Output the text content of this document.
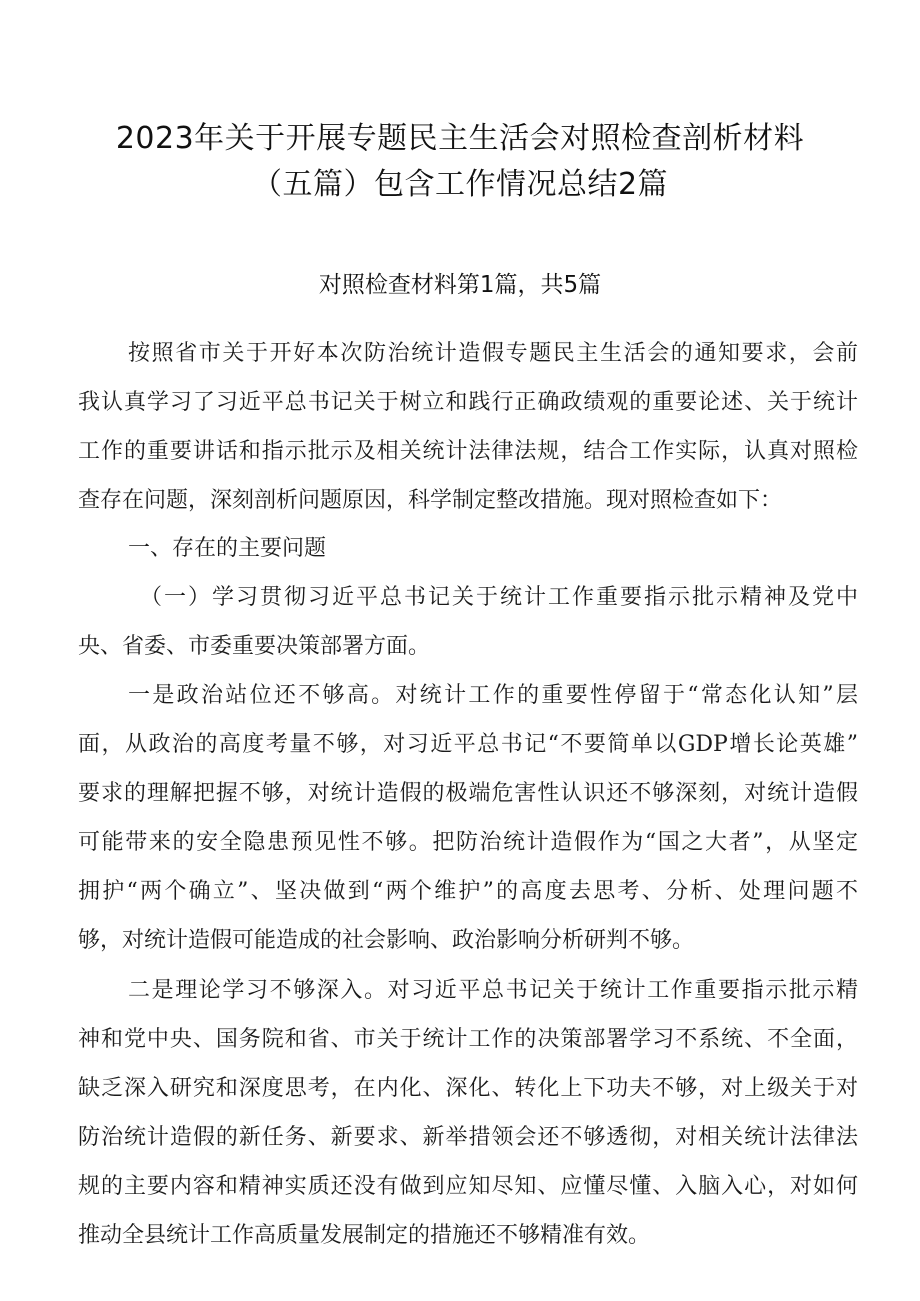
2023年关于开展专题民主生活会对照检查剖析材料
（五篇）包含工作情况总结2篇
对照检查材料第1篇，共5篇
按照省市关于开好本次防治统计造假专题民主生活会的通知要求，会前
我认真学习了习近平总书记关于树立和践行正确政绩观的重要论述、关于统计
工作的重要讲话和指示批示及相关统计法律法规，结合工作实际，认真对照检
查存在问题，深刻剖析问题原因，科学制定整改措施。现对照检查如下：
一、存在的主要问题
（一）学习贯彻习近平总书记关于统计工作重要指示批示精神及党中
央、省委、市委重要决策部署方面。
一是政治站位还不够高。对统计工作的重要性停留于“常态化认知”层
面，从政治的高度考量不够，对习近平总书记“不要简单以GDP增长论英雄”
要求的理解把握不够，对统计造假的极端危害性认识还不够深刻，对统计造假
可能带来的安全隐患预见性不够。把防治统计造假作为“国之大者”，从坚定
拥护“两个确立”、坚决做到“两个维护”的高度去思考、分析、处理问题不
够，对统计造假可能造成的社会影响、政治影响分析研判不够。
二是理论学习不够深入。对习近平总书记关于统计工作重要指示批示精
神和党中央、国务院和省、市关于统计工作的决策部署学习不系统、不全面，
缺乏深入研究和深度思考，在内化、深化、转化上下功夫不够，对上级关于对
防治统计造假的新任务、新要求、新举措领会还不够透彻，对相关统计法律法
规的主要内容和精神实质还没有做到应知尽知、应懂尽懂、入脑入心，对如何
推动全县统计工作高质量发展制定的措施还不够精准有效。
